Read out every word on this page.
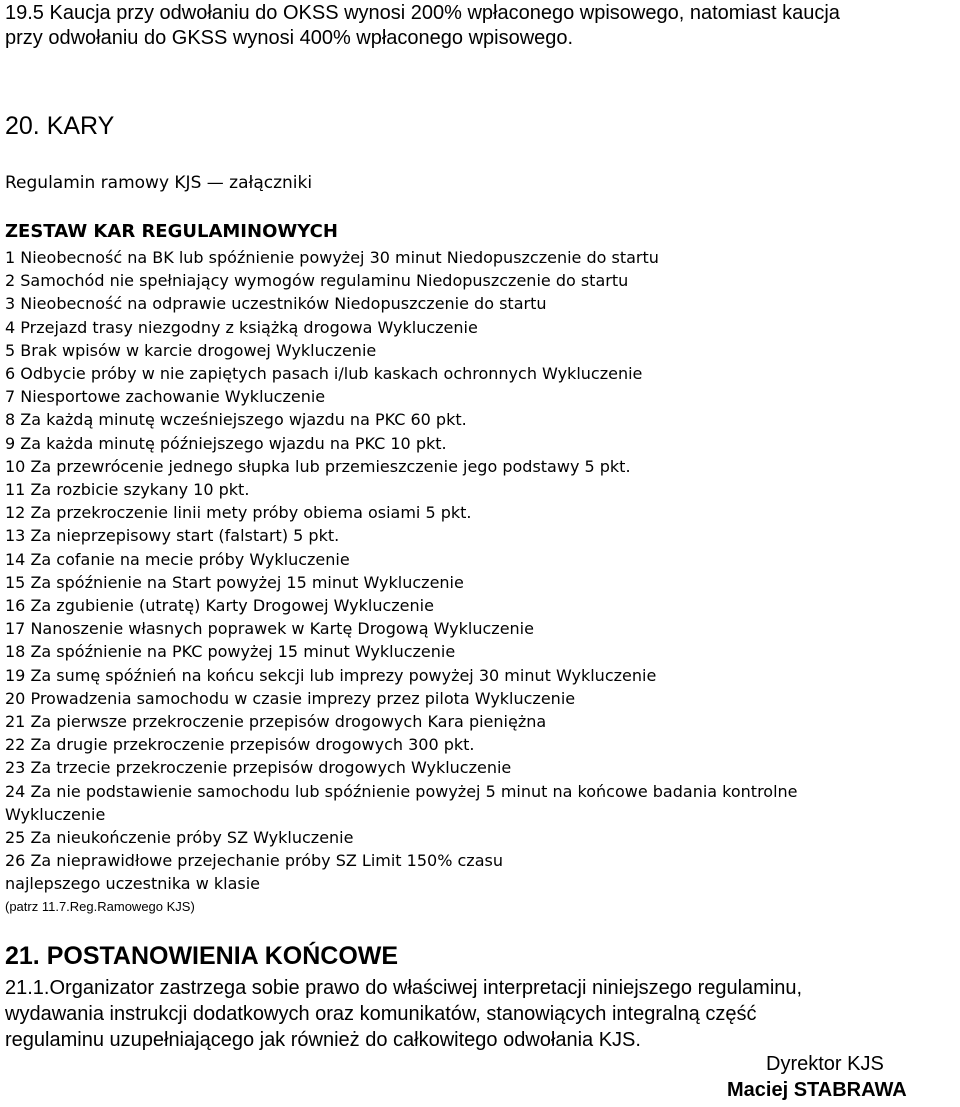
19.5 Kaucja przy odwołaniu do OKSS wynosi 200% wpłaconego wpisowego, natomiast kaucja
przy odwołaniu do GKSS wynosi 400% wpłaconego wpisowego.
20. KARY
Regulamin ramowy KJS — załączniki
ZESTAW KAR REGULAMINOWYCH
1 Nieobecność na BK lub spóźnienie powyżej 30 minut Niedopuszczenie do startu
2 Samochód nie spełniający wymogów regulaminu Niedopuszczenie do startu
3 Nieobecność na odprawie uczestników Niedopuszczenie do startu
4 Przejazd trasy niezgodny z książką drogowa Wykluczenie
5 Brak wpisów w karcie drogowej Wykluczenie
6 Odbycie próby w nie zapiętych pasach i/lub kaskach ochronnych Wykluczenie
7 Niesportowe zachowanie Wykluczenie
8 Za każdą minutę wcześniejszego wjazdu na PKC 60 pkt.
9 Za każda minutę późniejszego wjazdu na PKC 10 pkt.
10 Za przewrócenie jednego słupka lub przemieszczenie jego podstawy 5 pkt.
11 Za rozbicie szykany 10 pkt.
12 Za przekroczenie linii mety próby obiema osiami 5 pkt.
13 Za nieprzepisowy start (falstart) 5 pkt.
14 Za cofanie na mecie próby Wykluczenie
15 Za spóźnienie na Start powyżej 15 minut Wykluczenie
16 Za zgubienie (utratę) Karty Drogowej Wykluczenie
17 Nanoszenie własnych poprawek w Kartę Drogową Wykluczenie
18 Za spóźnienie na PKC powyżej 15 minut Wykluczenie
19 Za sumę spóźnień na końcu sekcji lub imprezy powyżej 30 minut Wykluczenie
20 Prowadzenia samochodu w czasie imprezy przez pilota Wykluczenie
21 Za pierwsze przekroczenie przepisów drogowych Kara pieniężna
22 Za drugie przekroczenie przepisów drogowych 300 pkt.
23 Za trzecie przekroczenie przepisów drogowych Wykluczenie
24 Za nie podstawienie samochodu lub spóźnienie powyżej 5 minut na końcowe badania kontrolne
Wykluczenie
25 Za nieukończenie próby SZ Wykluczenie
26 Za nieprawidłowe przejechanie próby SZ Limit 150% czasu
najlepszego uczestnika w klasie
(patrz 11.7.Reg.Ramowego KJS)
21. POSTANOWIENIA KOŃCOWE
21.1.Organizator zastrzega sobie prawo do właściwej interpretacji niniejszego regulaminu,
wydawania instrukcji dodatkowych oraz komunikatów, stanowiących integralną część
regulaminu uzupełniającego jak również do całkowitego odwołania KJS.
Dyrektor KJS
Maciej STABRAWA
